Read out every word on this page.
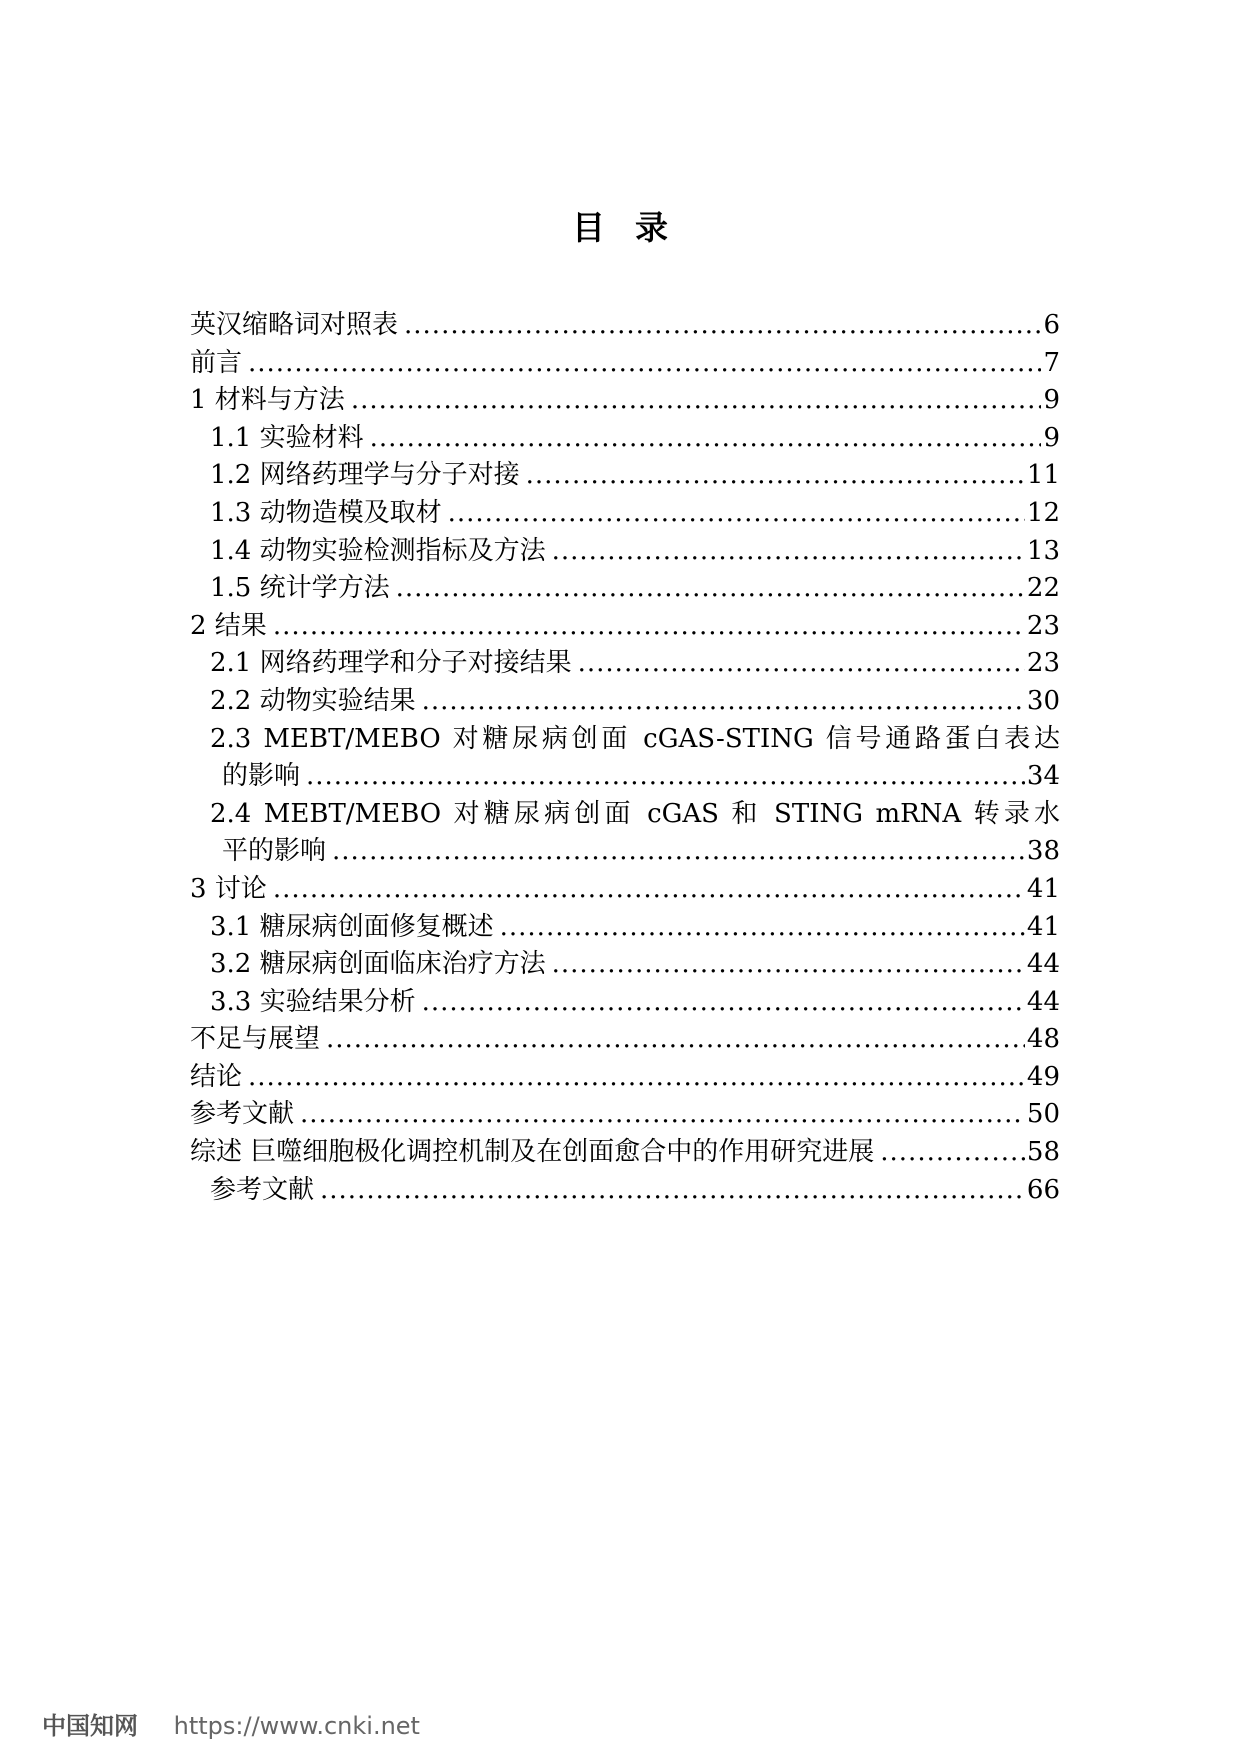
目录
英汉缩略词对照表 .....	6
前言 .....	7
1 材料与方法 .....	9
1.1 实验材料 .....	9
1.2 网络药理学与分子对接 .....	11
1.3 动物造模及取材 .....	12
1.4 动物实验检测指标及方法 .....	13
1.5 统计学方法 .....	22
2 结果 .....	23
2.1 网络药理学和分子对接结果 .....	23
2.2 动物实验结果 .....	30
2.3 MEBT/MEBO 对糖尿病创面 cGAS-STING 信号通路蛋白表达
的影响 .....	34
2.4 MEBT/MEBO 对糖尿病创面 cGAS 和 STING mRNA 转录水
平的影响 .....	38
3 讨论 .....	41
3.1 糖尿病创面修复概述 .....	41
3.2 糖尿病创面临床治疗方法 .....	44
3.3 实验结果分析 .....	44
不足与展望 .....	48
结论 .....	49
参考文献 .....	50
综述 巨噬细胞极化调控机制及在创面愈合中的作用研究进展 .....	58
参考文献 .....	66
中国知网 https://www.cnki.net
